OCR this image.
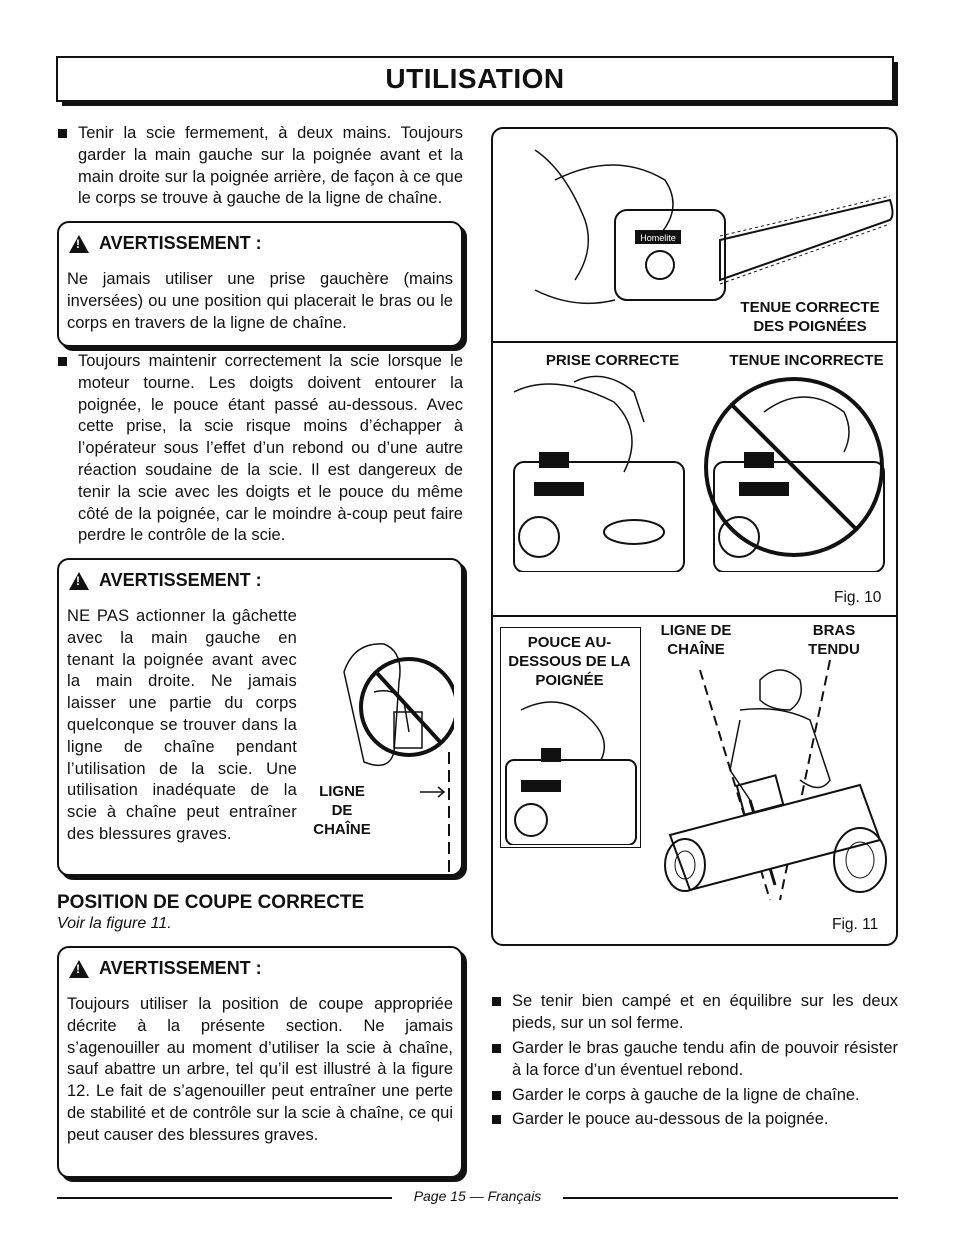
UTILISATION
Tenir la scie fermement, à deux mains. Toujours garder la main gauche sur la poignée avant et la main droite sur la poignée arrière, de façon à ce que le corps se trouve à gauche de la ligne de chaîne.
!
AVERTISSEMENT :
Ne jamais utiliser une prise gauchère (mains inversées) ou une position qui placerait le bras ou le corps en travers de la ligne de chaîne.
Toujours maintenir correctement la scie lorsque le moteur tourne. Les doigts doivent entourer la poignée, le pouce étant passé au-dessous. Avec cette prise, la scie risque moins d’échapper à l’opérateur sous l’effet d’un rebond ou d’une autre réaction soudaine de la scie. Il est dangereux de tenir la scie avec les doigts et le pouce du même côté de la poignée, car le moindre à-coup peut faire perdre le contrôle de la scie.
!
AVERTISSEMENT :
NE PAS actionner la gâchette avec la main gauche en tenant la poignée avant avec la main droite. Ne jamais laisser une partie du corps quelconque se trouver dans la ligne de chaîne pendant l’utilisation de la scie. Une utilisation inadéquate de la scie à chaîne peut entraîner des blessures graves.
LIGNE DE CHAÎNE
POSITION DE COUPE CORRECTE
Voir la figure 11.
!
AVERTISSEMENT :
Toujours utiliser la position de coupe appropriée décrite à la présente section. Ne jamais s’agenouiller au moment d’utiliser la scie à chaîne, sauf abattre un arbre, tel qu’il est illustré à la figure 12. Le fait de s’agenouiller peut entraîner une perte de stabilité et de contrôle sur la scie à chaîne, ce qui peut causer des blessures graves.
Homelite
TENUE CORRECTE DES POIGNÉES
PRISE CORRECTE	TENUE INCORRECTE
Fig. 10
POUCE AU-DESSOUS DE LA POIGNÉE
LIGNE DE CHAÎNE
BRAS TENDU
Fig. 11
Se tenir bien campé et en équilibre sur les deux pieds, sur un sol ferme.
Garder le bras gauche tendu afin de pouvoir résister à la force d’un éventuel rebond.
Garder le corps à gauche de la ligne de chaîne.
Garder le pouce au-dessous de la poignée.
Page 15 — Français
